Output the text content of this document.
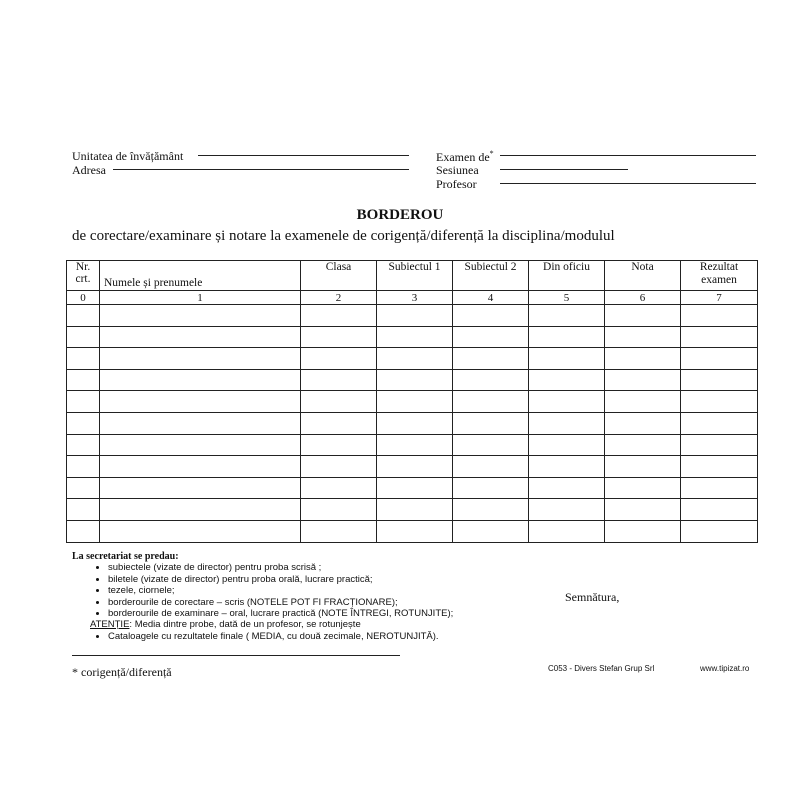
Unitatea de învățământ
Adresa
Examen de*
Sesiunea
Profesor
BORDEROU
de corectare/examinare și notare la examenele de corigență/diferență la disciplina/modulul
Nr. crt.	Numele și prenumele	Clasa	Subiectul 1	Subiectul 2	Din oficiu	Nota	Rezultat examen
0	1	2	3	4	5	6	7

La secretariat se predau:
• subiectele (vizate de director) pentru proba scrisă ;
• biletele (vizate de director) pentru proba orală, lucrare practică;
• tezele, ciornele;
• borderourile de corectare – scris (NOTELE POT FI FRACȚIONARE);
• borderourile de examinare – oral, lucrare practică (NOTE ÎNTREGI, ROTUNJITE);
ATENȚIE: Media dintre probe, dată de un profesor, se rotunjește
• Cataloagele cu rezultatele finale ( MEDIA, cu două zecimale, NEROTUNJITĂ).
Semnătura,
* corigență/diferență	C053 - Divers Stefan Grup Srl	www.tipizat.ro
